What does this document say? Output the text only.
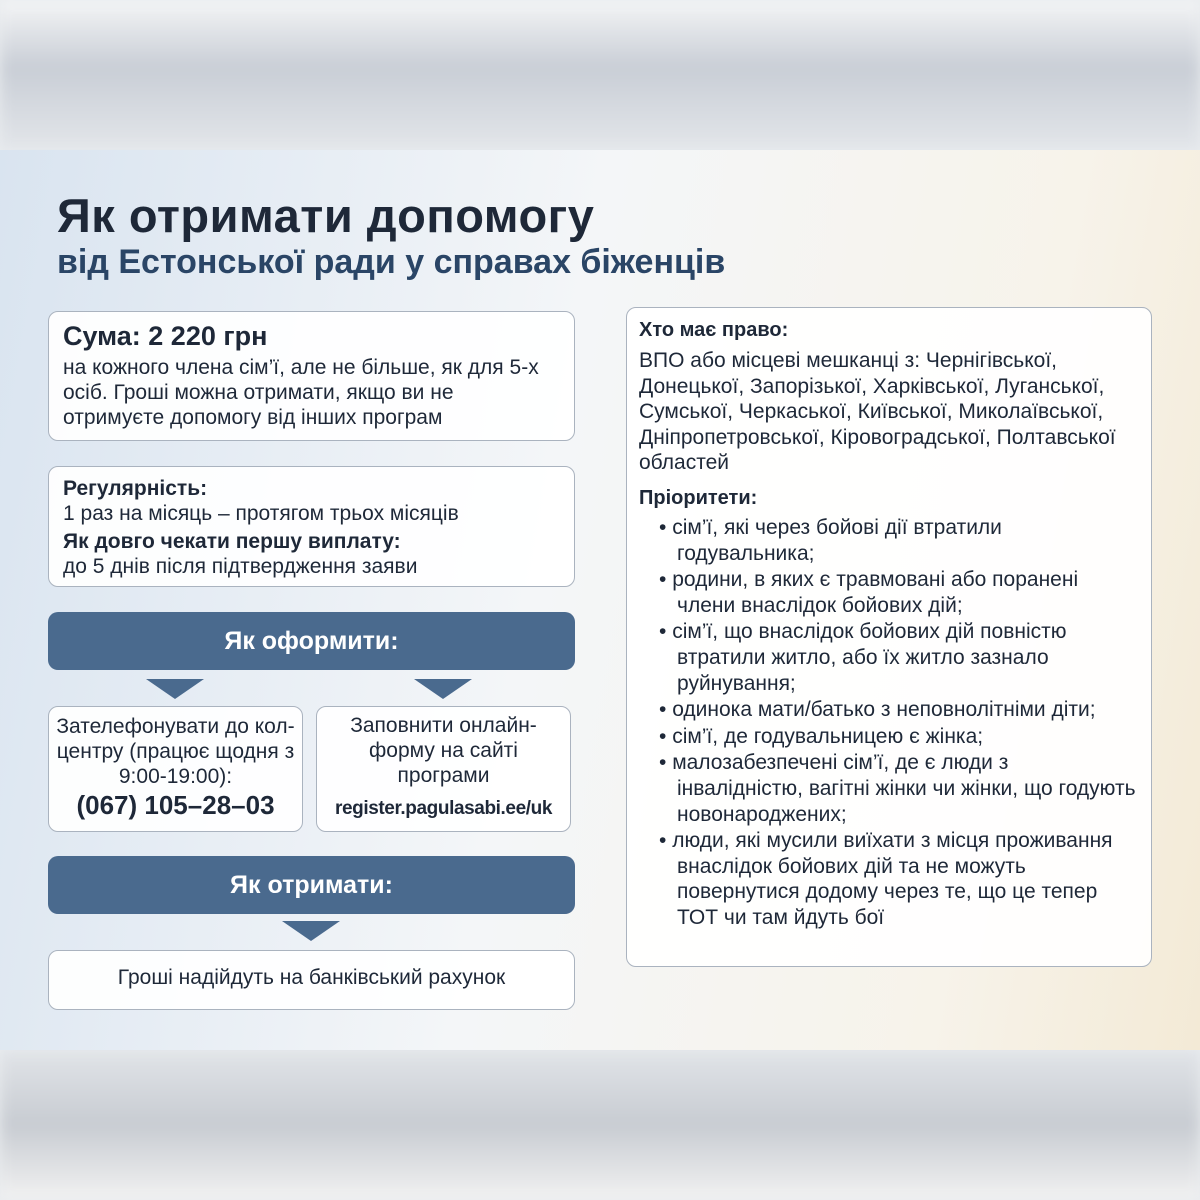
Як отримати допомогу
від Естонської ради у справах біженців
Сума: 2 220 грн
на кожного члена сім’ї, але не більше, як для 5-х осіб. Гроші можна отримати, якщо ви не отримуєте допомогу від інших програм
Регулярність:
1 раз на місяць – протягом трьох місяців
Як довго чекати першу виплату:
до 5 днів після підтвердження заяви
Як оформити:
Зателефонувати до кол-центру (працює щодня з 9:00-19:00):
(067) 105–28–03
Заповнити онлайн-форму на сайті програми
register.pagulasabi.ee/uk
Як отримати:
Гроші надійдуть на банківський рахунок
Хто має право:
ВПО або місцеві мешканці з: Чернігівської, Донецької, Запорізької, Харківської, Луганської, Сумської, Черкаської, Київської, Миколаївської, Дніпропетровської, Кіровоградської, Полтавської областей
Пріоритети:
• сім’ї, які через бойові дії втратили годувальника;
• родини, в яких є травмовані або поранені члени внаслідок бойових дій;
• сім’ї, що внаслідок бойових дій повністю втратили житло, або їх житло зазнало руйнування;
• одинока мати/батько з неповнолітніми діти;
• сім’ї, де годувальницею є жінка;
• малозабезпечені сім’ї, де є люди з інвалідністю, вагітні жінки чи жінки, що годують новонароджених;
• люди, які мусили виїхати з місця проживання внаслідок бойових дій та не можуть повернутися додому через те, що це тепер ТОТ чи там йдуть бої
